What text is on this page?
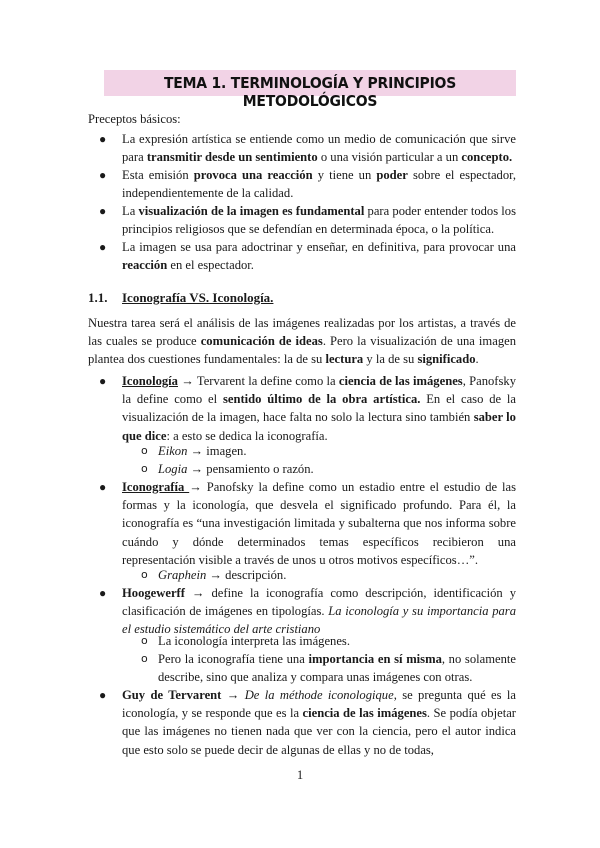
TEMA 1. TERMINOLOGÍA Y PRINCIPIOS METODOLÓGICOS
Preceptos básicos:
● La expresión artística se entiende como un medio de comunicación que sirve para transmitir desde un sentimiento o una visión particular a un concepto.
● Esta emisión provoca una reacción y tiene un poder sobre el espectador, independientemente de la calidad.
● La visualización de la imagen es fundamental para poder entender todos los principios religiosos que se defendían en determinada época, o la política.
● La imagen se usa para adoctrinar y enseñar, en definitiva, para provocar una reacción en el espectador.
1.1. Iconografía VS. Iconología.
Nuestra tarea será el análisis de las imágenes realizadas por los artistas, a través de las cuales se produce comunicación de ideas. Pero la visualización de una imagen plantea dos cuestiones fundamentales: la de su lectura y la de su significado.
● Iconología → Tervarent la define como la ciencia de las imágenes, Panofsky la define como el sentido último de la obra artística. En el caso de la visualización de la imagen, hace falta no solo la lectura sino también saber lo que dice: a esto se dedica la iconografía.
o Eikon → imagen.
o Logia → pensamiento o razón.
● Iconografía → Panofsky la define como un estadio entre el estudio de las formas y la iconología, que desvela el significado profundo. Para él, la iconografía es “una investigación limitada y subalterna que nos informa sobre cuándo y dónde determinados temas específicos recibieron una representación visible a través de unos u otros motivos específicos…”.
o Graphein → descripción.
● Hoogewerff → define la iconografía como descripción, identificación y clasificación de imágenes en tipologías. La iconología y su importancia para el estudio sistemático del arte cristiano
o La iconología interpreta las imágenes.
o Pero la iconografía tiene una importancia en sí misma, no solamente describe, sino que analiza y compara unas imágenes con otras.
● Guy de Tervarent → De la méthode iconologique, se pregunta qué es la iconología, y se responde que es la ciencia de las imágenes. Se podía objetar que las imágenes no tienen nada que ver con la ciencia, pero el autor indica que esto solo se puede decir de algunas de ellas y no de todas,
1
